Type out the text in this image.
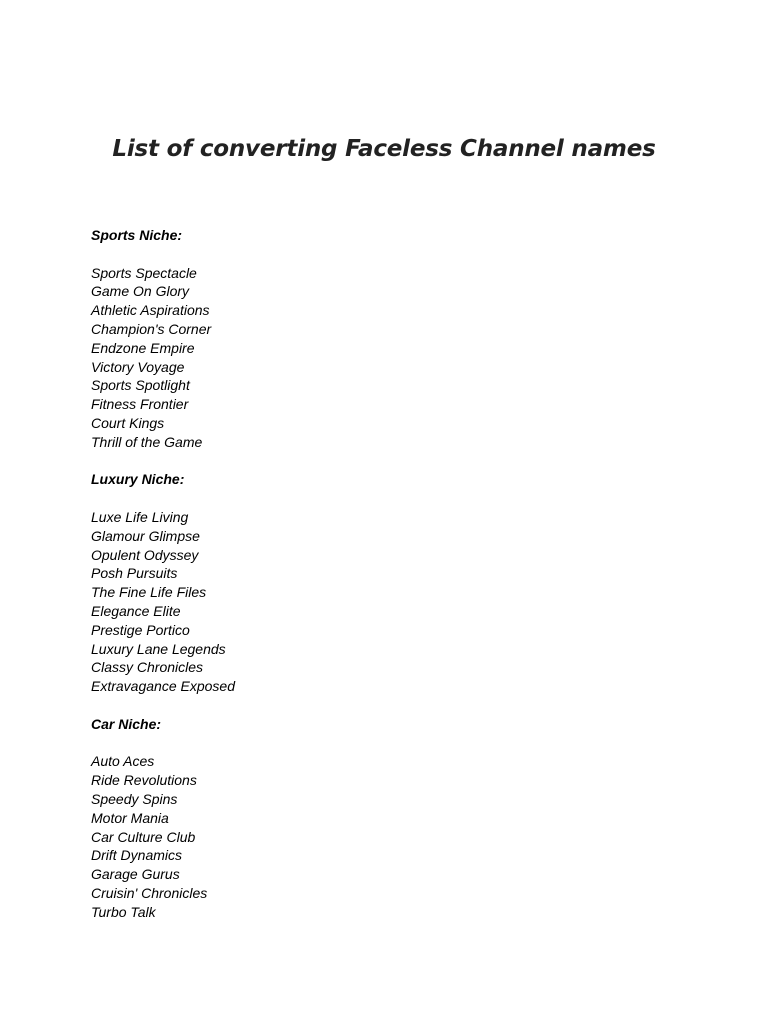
List of converting Faceless Channel names
Sports Niche:
Sports Spectacle
Game On Glory
Athletic Aspirations
Champion's Corner
Endzone Empire
Victory Voyage
Sports Spotlight
Fitness Frontier
Court Kings
Thrill of the Game
Luxury Niche:
Luxe Life Living
Glamour Glimpse
Opulent Odyssey
Posh Pursuits
The Fine Life Files
Elegance Elite
Prestige Portico
Luxury Lane Legends
Classy Chronicles
Extravagance Exposed
Car Niche:
Auto Aces
Ride Revolutions
Speedy Spins
Motor Mania
Car Culture Club
Drift Dynamics
Garage Gurus
Cruisin' Chronicles
Turbo Talk
